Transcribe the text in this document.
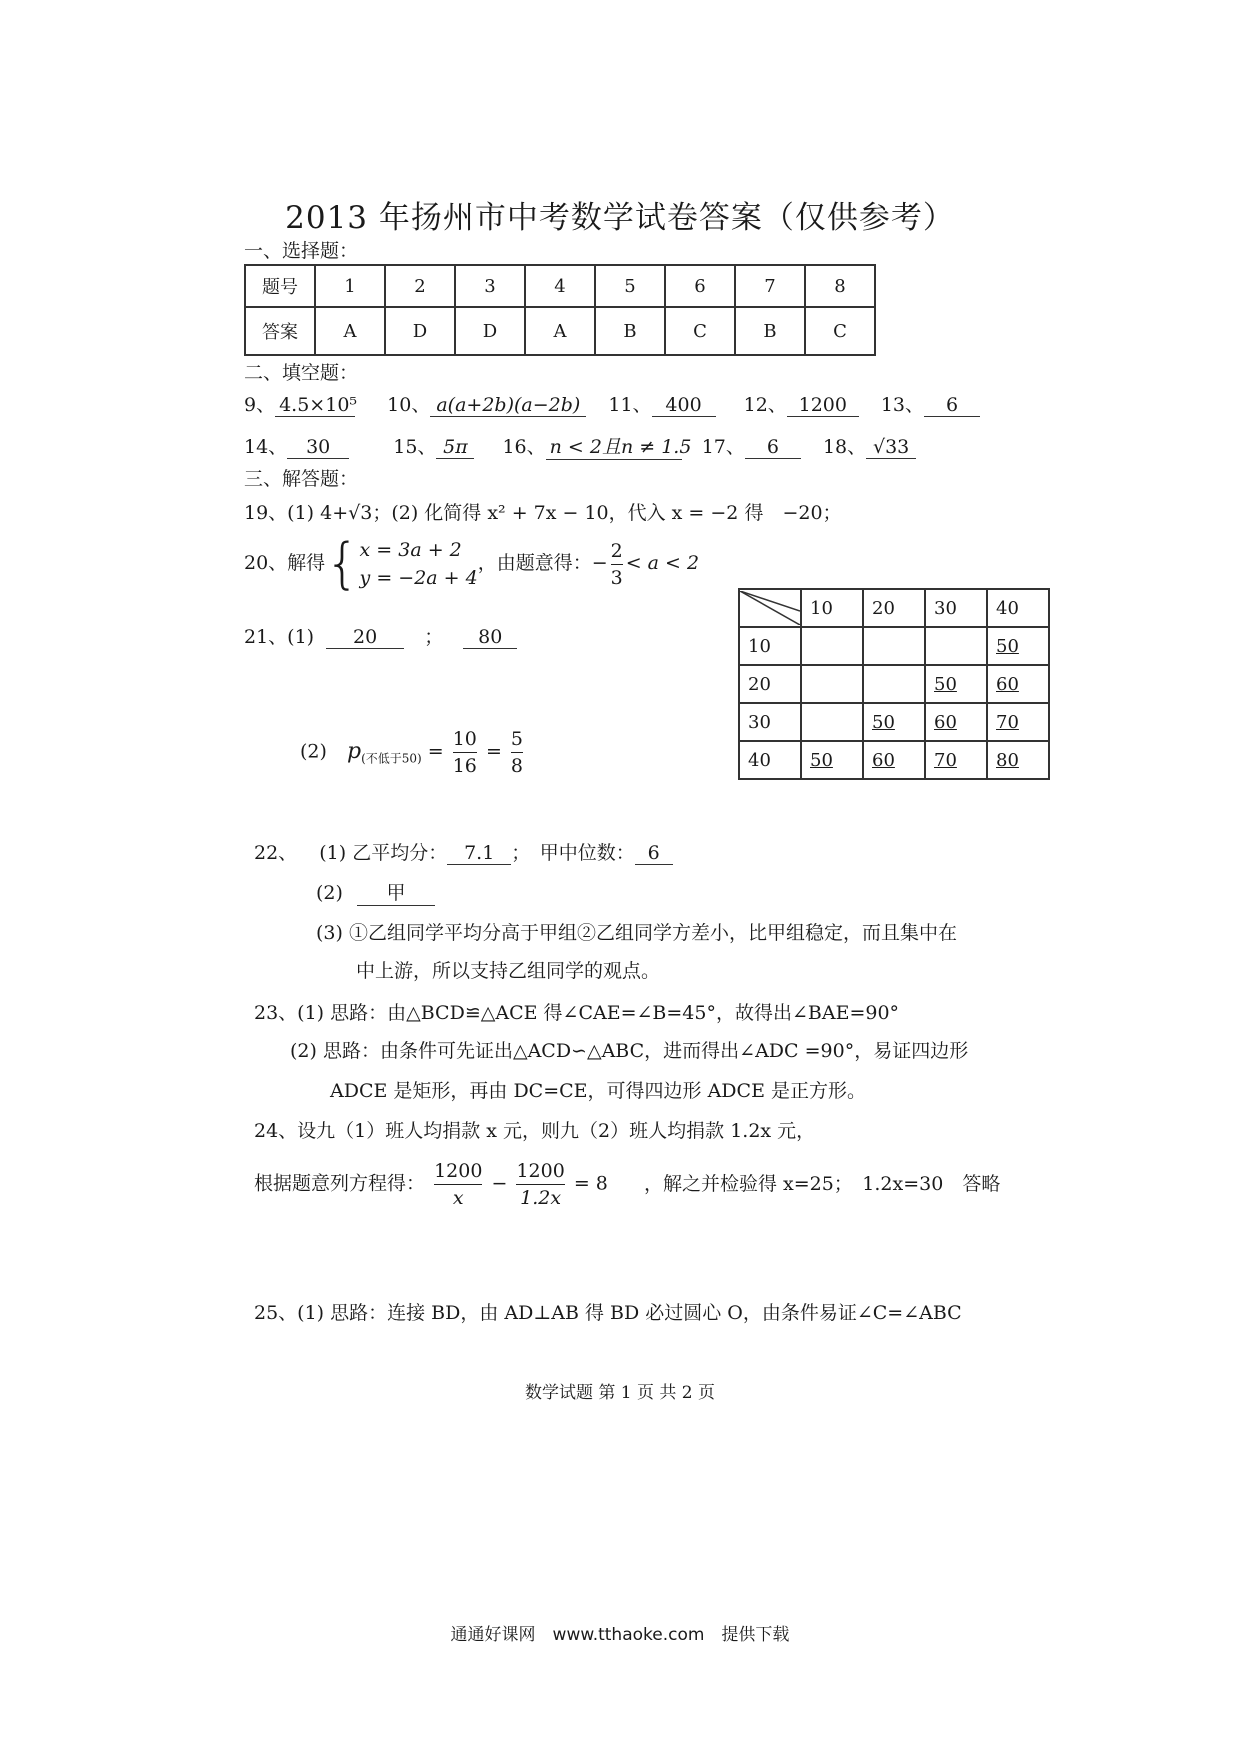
2013 年扬州市中考数学试卷答案（仅供参考）
一、选择题：
题号	1	2	3	4	5	6	7	8
答案	A	D	D	A	B	C	B	C
二、填空题：
9、 4.5×10⁵ 10、 a(a+2b)(a−2b) 11、 400 12、 1200 13、 6
14、 30	15、 5π 16、 n < 2且n ≠ 1.5 17、 6 18、 √33
三、解答题：
19、(1) 4+√3；(2) 化简得 x² + 7x − 10，代入 x = −2 得　−20；
20、解得{ x = 3a + 2
y = −2a + 4
，由题意得：− $\frac{2}{3} < a < 2$
21、(1) 20 ； 80
(2) $p_{(不低于50)} = \frac{10}{16} = \frac{5}{8}$
	10	20	30	40
10				50
20			50	60
30		50	60	70
40	50	60	70	80
22、 (1) 乙平均分： 7.1 ；　甲中位数： 6
(2) 甲
(3) ①乙组同学平均分高于甲组②乙组同学方差小，比甲组稳定，而且集中在
中上游，所以支持乙组同学的观点。
23、(1) 思路：由△BCD≌△ACE 得∠CAE=∠B=45°，故得出∠BAE=90°
(2) 思路：由条件可先证出△ACD∽△ABC，进而得出∠ADC =90°，易证四边形
ADCE 是矩形，再由 DC=CE，可得四边形 ADCE 是正方形。
24、设九（1）班人均捐款 x 元，则九（2）班人均捐款 1.2x 元，
根据题意列方程得： $\frac{1200}{x} - \frac{1200}{1.2x} = 8$ ，解之并检验得 x=25；　1.2x=30　答略
25、(1) 思路：连接 BD，由 AD⊥AB 得 BD 必过圆心 O，由条件易证∠C=∠ABC
数学试题 第 1 页 共 2 页
通通好课网　www.tthaoke.com　提供下载
